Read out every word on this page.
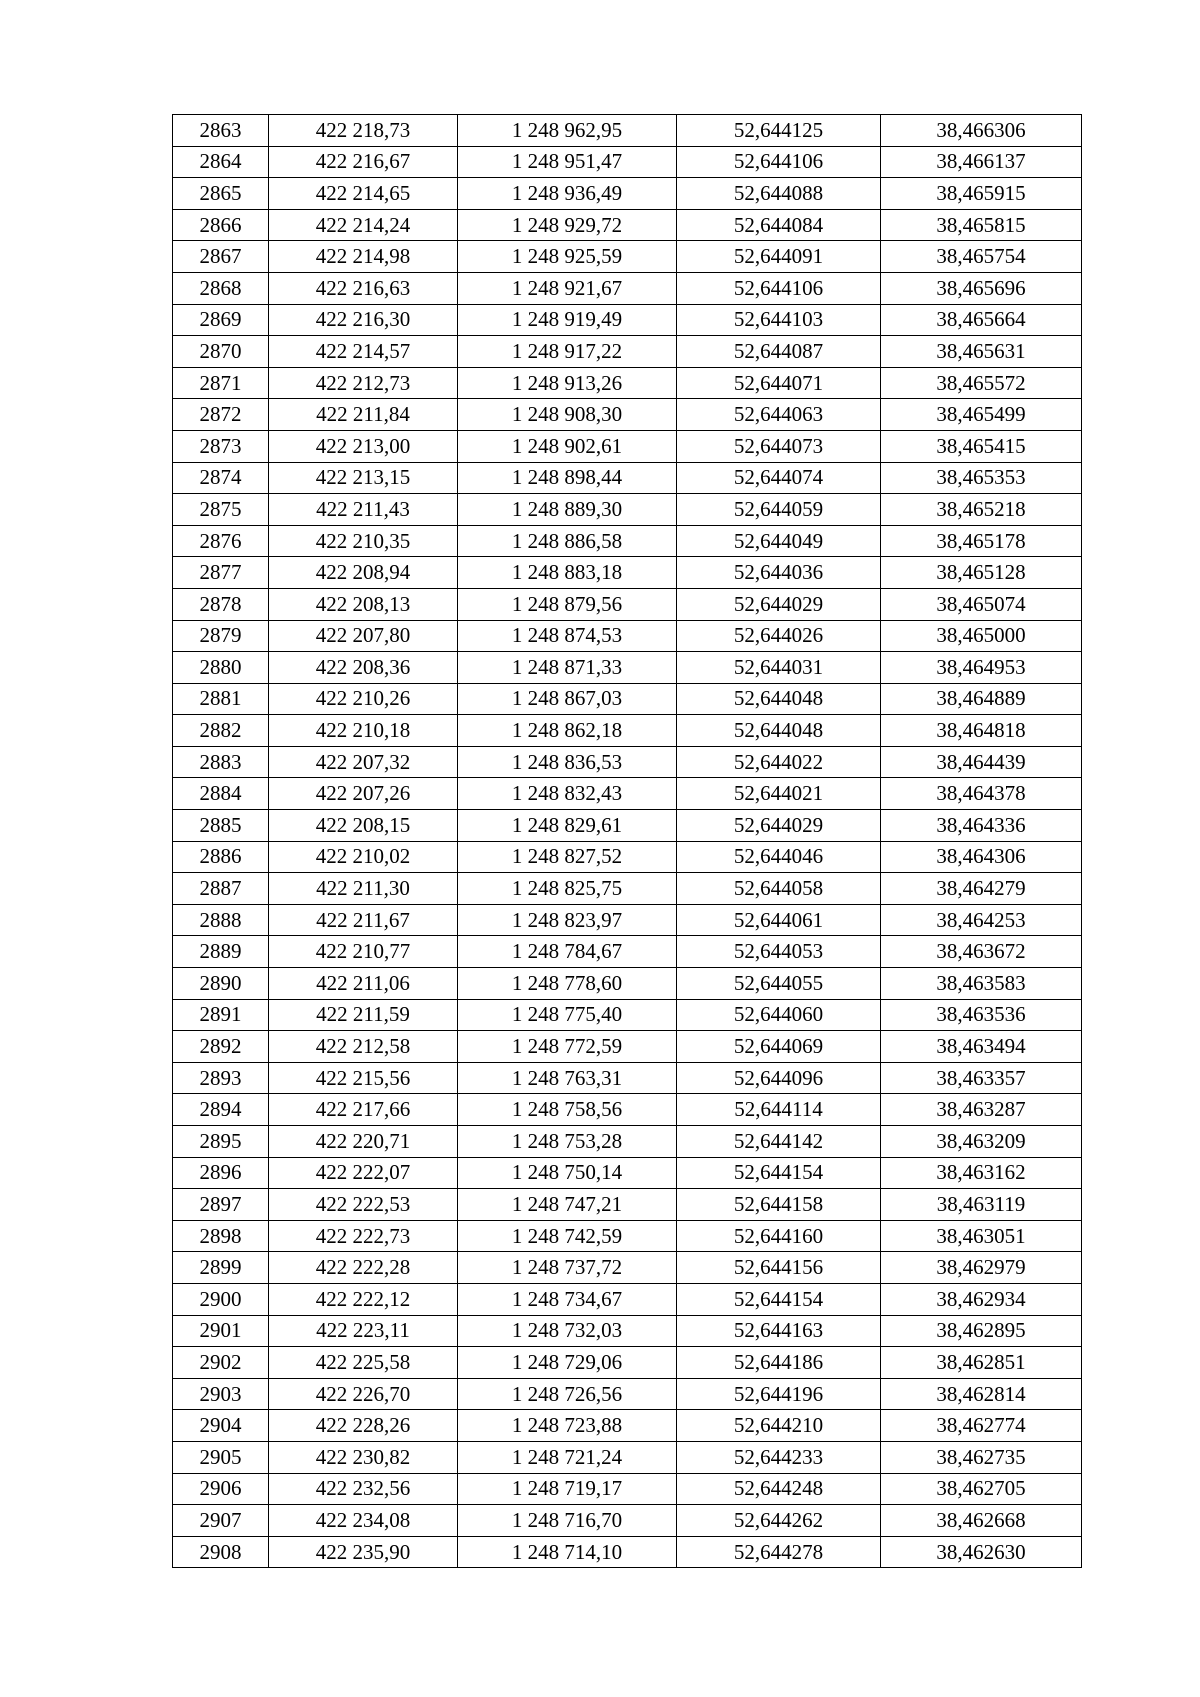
2863	422 218,73	1 248 962,95	52,644125	38,466306
2864	422 216,67	1 248 951,47	52,644106	38,466137
2865	422 214,65	1 248 936,49	52,644088	38,465915
2866	422 214,24	1 248 929,72	52,644084	38,465815
2867	422 214,98	1 248 925,59	52,644091	38,465754
2868	422 216,63	1 248 921,67	52,644106	38,465696
2869	422 216,30	1 248 919,49	52,644103	38,465664
2870	422 214,57	1 248 917,22	52,644087	38,465631
2871	422 212,73	1 248 913,26	52,644071	38,465572
2872	422 211,84	1 248 908,30	52,644063	38,465499
2873	422 213,00	1 248 902,61	52,644073	38,465415
2874	422 213,15	1 248 898,44	52,644074	38,465353
2875	422 211,43	1 248 889,30	52,644059	38,465218
2876	422 210,35	1 248 886,58	52,644049	38,465178
2877	422 208,94	1 248 883,18	52,644036	38,465128
2878	422 208,13	1 248 879,56	52,644029	38,465074
2879	422 207,80	1 248 874,53	52,644026	38,465000
2880	422 208,36	1 248 871,33	52,644031	38,464953
2881	422 210,26	1 248 867,03	52,644048	38,464889
2882	422 210,18	1 248 862,18	52,644048	38,464818
2883	422 207,32	1 248 836,53	52,644022	38,464439
2884	422 207,26	1 248 832,43	52,644021	38,464378
2885	422 208,15	1 248 829,61	52,644029	38,464336
2886	422 210,02	1 248 827,52	52,644046	38,464306
2887	422 211,30	1 248 825,75	52,644058	38,464279
2888	422 211,67	1 248 823,97	52,644061	38,464253
2889	422 210,77	1 248 784,67	52,644053	38,463672
2890	422 211,06	1 248 778,60	52,644055	38,463583
2891	422 211,59	1 248 775,40	52,644060	38,463536
2892	422 212,58	1 248 772,59	52,644069	38,463494
2893	422 215,56	1 248 763,31	52,644096	38,463357
2894	422 217,66	1 248 758,56	52,644114	38,463287
2895	422 220,71	1 248 753,28	52,644142	38,463209
2896	422 222,07	1 248 750,14	52,644154	38,463162
2897	422 222,53	1 248 747,21	52,644158	38,463119
2898	422 222,73	1 248 742,59	52,644160	38,463051
2899	422 222,28	1 248 737,72	52,644156	38,462979
2900	422 222,12	1 248 734,67	52,644154	38,462934
2901	422 223,11	1 248 732,03	52,644163	38,462895
2902	422 225,58	1 248 729,06	52,644186	38,462851
2903	422 226,70	1 248 726,56	52,644196	38,462814
2904	422 228,26	1 248 723,88	52,644210	38,462774
2905	422 230,82	1 248 721,24	52,644233	38,462735
2906	422 232,56	1 248 719,17	52,644248	38,462705
2907	422 234,08	1 248 716,70	52,644262	38,462668
2908	422 235,90	1 248 714,10	52,644278	38,462630
